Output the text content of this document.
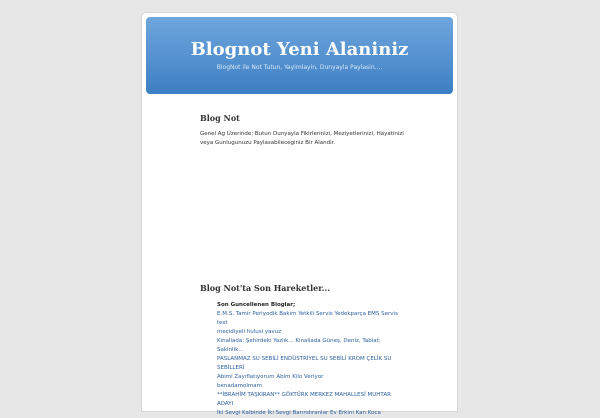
Blognot Yeni Alaniniz
BlogNot ile Not Tutun, Yayimlayin, Dunyayla Paylasin....
Blog Not
Genel Ag Uzerinde; Butun Dunyayla Fikirlerinizi, Meziyetlerinizi, Hayatinizi veya Gunlugunuzu Paylasabileceginiz Bir Alandir.
Blog Not'ta Son Hareketler...
Son Guncellenen Bloglar;
E.M.S. Tamir Periyodik Bakım Yetkili Servis Yedekparça EMS Servis
test
mecidiyeli hulusi yavuz
Kinaliada; Şehirdeki Yazlık... Kinaliada Güneş, Deniz, Tabiat; Sakinlik...
PASLANMAZ SU SEBİLİ ENDÜSTRİYEL SU SEBİLİ KROM ÇELİK SU SEBİLLERİ
Abimi Zayıflatıyorum Abim Kilo Veriyor
benadamolmam
**İBRAHİM TAŞKIRAN** GÖKTÜRK MERKEZ MAHALLESİ MUHTAR ADAYI
İki Sevgi Kalbinde İki Sevgi Barındıranlar Ev Erkini Kan Koca
